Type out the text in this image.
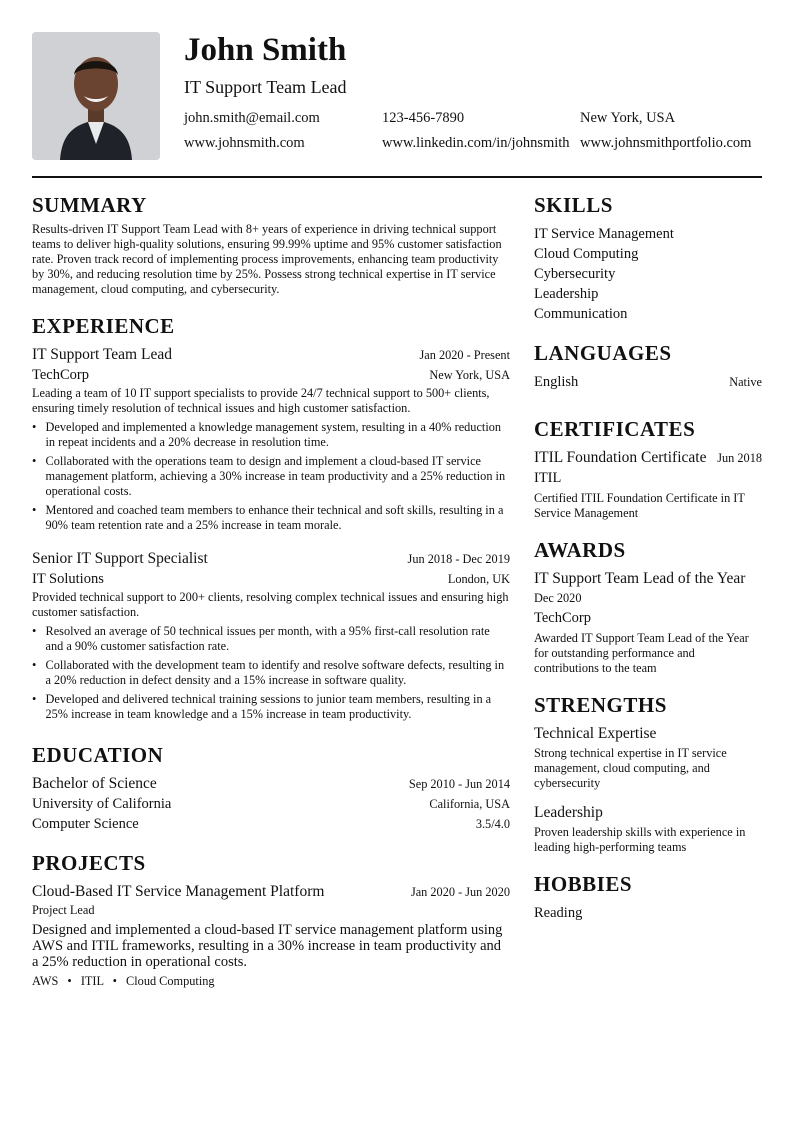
John Smith
IT Support Team Lead
john.smith@email.com	123-456-7890	New York, USA
www.johnsmith.com	www.linkedin.com/in/johnsmith www.johnsmithportfolio.com
SUMMARY
Results-driven IT Support Team Lead with 8+ years of experience in driving technical support teams to deliver high-quality solutions, ensuring 99.99% uptime and 95% customer satisfaction rate. Proven track record of implementing process improvements, enhancing team productivity by 30%, and reducing resolution time by 25%. Possess strong technical expertise in IT service management, cloud computing, and cybersecurity.
EXPERIENCE
IT Support Team Lead	Jan 2020 - Present
TechCorp	New York, USA
Leading a team of 10 IT support specialists to provide 24/7 technical support to 500+ clients, ensuring timely resolution of technical issues and high customer satisfaction.
• Developed and implemented a knowledge management system, resulting in a 40% reduction in repeat incidents and a 20% decrease in resolution time.
• Collaborated with the operations team to design and implement a cloud-based IT service management platform, achieving a 30% increase in team productivity and a 25% reduction in operational costs.
• Mentored and coached team members to enhance their technical and soft skills, resulting in a 90% team retention rate and a 25% increase in team morale.
Senior IT Support Specialist	Jun 2018 - Dec 2019
IT Solutions	London, UK
Provided technical support to 200+ clients, resolving complex technical issues and ensuring high customer satisfaction.
• Resolved an average of 50 technical issues per month, with a 95% first-call resolution rate and a 90% customer satisfaction rate.
• Collaborated with the development team to identify and resolve software defects, resulting in a 20% reduction in defect density and a 15% increase in software quality.
• Developed and delivered technical training sessions to junior team members, resulting in a 25% increase in team knowledge and a 15% increase in team productivity.
EDUCATION
Bachelor of Science	Sep 2010 - Jun 2014
University of California	California, USA
Computer Science	3.5/4.0
PROJECTS
Cloud-Based IT Service Management Platform	Jan 2020 - Jun 2020
Project Lead
Designed and implemented a cloud-based IT service management platform using AWS and ITIL frameworks, resulting in a 30% increase in team productivity and a 25% reduction in operational costs.
AWS • ITIL • Cloud Computing
SKILLS
IT Service Management
Cloud Computing
Cybersecurity
Leadership
Communication
LANGUAGES
English	Native
CERTIFICATES
ITIL Foundation Certificate Jun 2018
ITIL
Certified ITIL Foundation Certificate in IT Service Management
AWARDS
IT Support Team Lead of the Year
Dec 2020
TechCorp
Awarded IT Support Team Lead of the Year for outstanding performance and contributions to the team
STRENGTHS
Technical Expertise
Strong technical expertise in IT service management, cloud computing, and cybersecurity
Leadership
Proven leadership skills with experience in leading high-performing teams
HOBBIES
Reading
